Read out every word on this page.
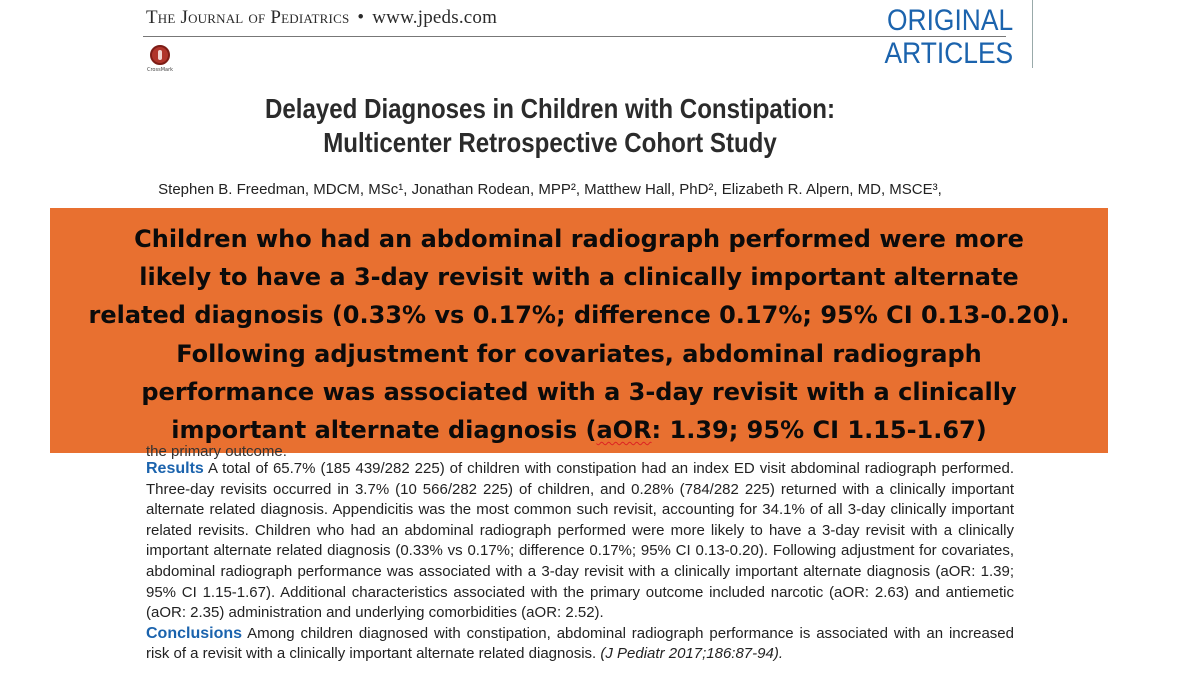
The Journal of Pediatrics • www.jpeds.com	ORIGINAL
ARTICLES
CrossMark
Delayed Diagnoses in Children with Constipation:
Multicenter Retrospective Cohort Study
Stephen B. Freedman, MDCM, MSc¹, Jonathan Rodean, MPP², Matthew Hall, PhD², Elizabeth R. Alpern, MD, MSCE³,
Children who had an abdominal radiograph performed were more
likely to have a 3-day revisit with a clinically important alternate
related diagnosis (0.33% vs 0.17%; difference 0.17%; 95% CI 0.13-0.20).
Following adjustment for covariates, abdominal radiograph
performance was associated with a 3-day revisit with a clinically
important alternate diagnosis (aOR: 1.39; 95% CI 1.15-1.67)
the primary outcome.

Results A total of 65.7% (185 439/282 225) of children with constipation had an index ED visit abdominal radiograph performed. Three-day revisits occurred in 3.7% (10 566/282 225) of children, and 0.28% (784/282 225) returned with a clinically important alternate related diagnosis. Appendicitis was the most common such revisit, accounting for 34.1% of all 3-day clinically important related revisits. Children who had an abdominal radiograph performed were more likely to have a 3-day revisit with a clinically important alternate related diagnosis (0.33% vs 0.17%; difference 0.17%; 95% CI 0.13-0.20). Following adjustment for covariates, abdominal radiograph performance was associated with a 3-day revisit with a clinically important alternate diagnosis (aOR: 1.39; 95% CI 1.15-1.67). Additional characteristics associated with the primary outcome included narcotic (aOR: 2.63) and antiemetic (aOR: 2.35) administration and underlying comorbidities (aOR: 2.52).

Conclusions Among children diagnosed with constipation, abdominal radiograph performance is associated with an increased risk of a revisit with a clinically important alternate related diagnosis. (J Pediatr 2017;186:87-94).
